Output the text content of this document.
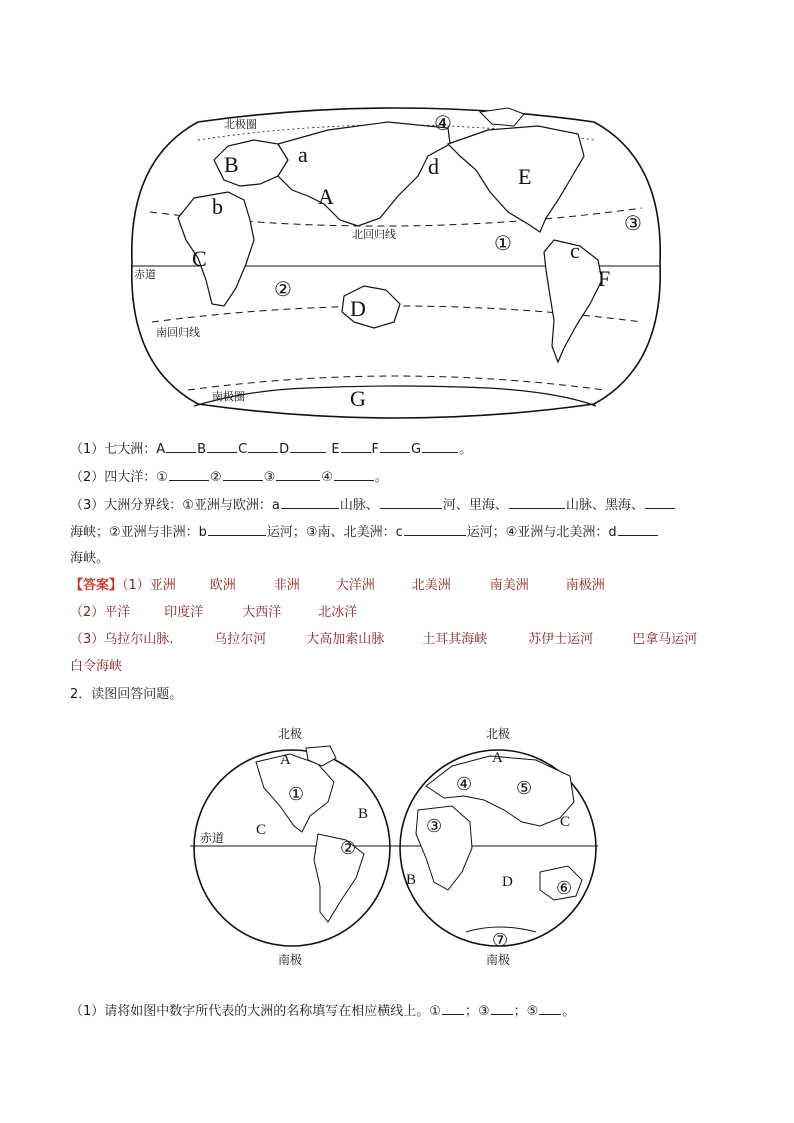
B
A
C
D
E
F
G
a
b
c
d
①
②
③
④
北极圈
北回归线
赤道
南回归线
南极圈
（1）七大洲：A B C D	E F G	。
（2）四大洋：①	②	③	④	。
（3）大洲分界线：①亚洲与欧洲：a	山脉、	河、里海、	山脉、黑海、
海峡；②亚洲与非洲：b	运河；③南、北美洲：c	运河；④亚洲与北美洲：d
海峡。
【答案】（1）亚洲	欧洲	非洲	大洋洲	北美洲	南美洲	南极洲
（2）平洋	印度洋	大西洋	北冰洋
（3）乌拉尔山脉.	乌拉尔河	大高加索山脉	土耳其海峡	苏伊士运河	巴拿马运河
白令海峡
2．读图回答问题。
北极	北极
南极	南极
赤道
A
B
C
①
②
A
B
C
D
③
④ ⑤
⑥
⑦
（1）请将如图中数字所代表的大洲的名称填写在相应横线上。① ；③ ；⑤ 。
